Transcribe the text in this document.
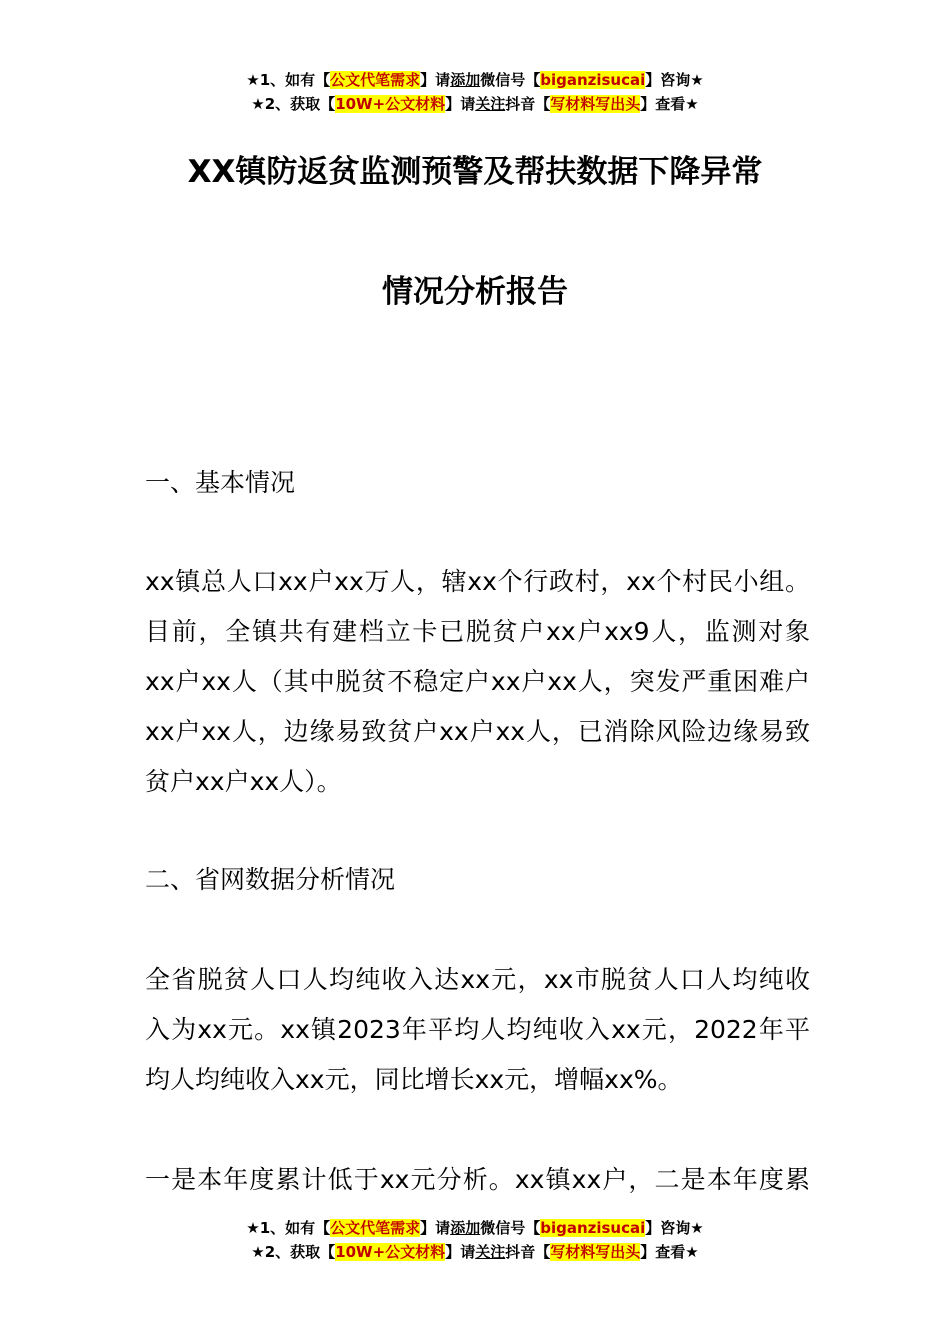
★1、如有【公文代笔需求】请添加微信号【biganzisucai】咨询★
★2、获取【10W+公文材料】请关注抖音【写材料写出头】查看★
XX镇防返贫监测预警及帮扶数据下降异常
情况分析报告
一、基本情况
xx镇总人口xx户xx万人，辖xx个行政村，xx个村民小组。
目前，全镇共有建档立卡已脱贫户xx户xx9人，监测对象
xx户xx人（其中脱贫不稳定户xx户xx人，突发严重困难户
xx户xx人，边缘易致贫户xx户xx人，已消除风险边缘易致
贫户xx户xx人）。
二、省网数据分析情况
全省脱贫人口人均纯收入达xx元，xx市脱贫人口人均纯收
入为xx元。xx镇2023年平均人均纯收入xx元，2022年平
均人均纯收入xx元，同比增长xx元，增幅xx%。
一是本年度累计低于xx元分析。xx镇xx户，二是本年度累
★1、如有【公文代笔需求】请添加微信号【biganzisucai】咨询★
★2、获取【10W+公文材料】请关注抖音【写材料写出头】查看★
